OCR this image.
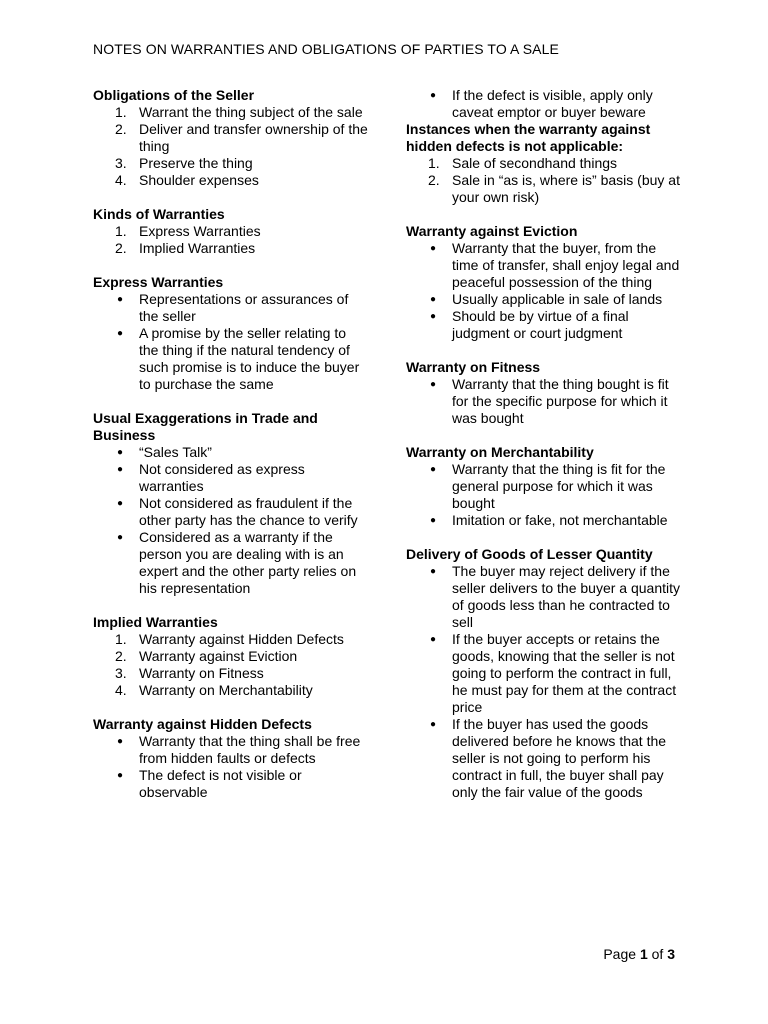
NOTES ON WARRANTIES AND OBLIGATIONS OF PARTIES TO A SALE
Obligations of the Seller
1. Warrant the thing subject of the sale
2. Deliver and transfer ownership of the thing
3. Preserve the thing
4. Shoulder expenses
Kinds of Warranties
1. Express Warranties
2. Implied Warranties
Express Warranties
● Representations or assurances of the seller
● A promise by the seller relating to the thing if the natural tendency of such promise is to induce the buyer to purchase the same
Usual Exaggerations in Trade and Business
● “Sales Talk”
● Not considered as express warranties
● Not considered as fraudulent if the other party has the chance to verify
● Considered as a warranty if the person you are dealing with is an expert and the other party relies on his representation
Implied Warranties
1. Warranty against Hidden Defects
2. Warranty against Eviction
3. Warranty on Fitness
4. Warranty on Merchantability
Warranty against Hidden Defects
● Warranty that the thing shall be free from hidden faults or defects
● The defect is not visible or observable
● If the defect is visible, apply only caveat emptor or buyer beware
Instances when the warranty against hidden defects is not applicable:
1. Sale of secondhand things
2. Sale in “as is, where is” basis (buy at your own risk)
Warranty against Eviction
● Warranty that the buyer, from the time of transfer, shall enjoy legal and peaceful possession of the thing
● Usually applicable in sale of lands
● Should be by virtue of a final judgment or court judgment
Warranty on Fitness
● Warranty that the thing bought is fit for the specific purpose for which it was bought
Warranty on Merchantability
● Warranty that the thing is fit for the general purpose for which it was bought
● Imitation or fake, not merchantable
Delivery of Goods of Lesser Quantity
● The buyer may reject delivery if the seller delivers to the buyer a quantity of goods less than he contracted to sell
● If the buyer accepts or retains the goods, knowing that the seller is not going to perform the contract in full, he must pay for them at the contract price
● If the buyer has used the goods delivered before he knows that the seller is not going to perform his contract in full, the buyer shall pay only the fair value of the goods
Page 1 of 3
